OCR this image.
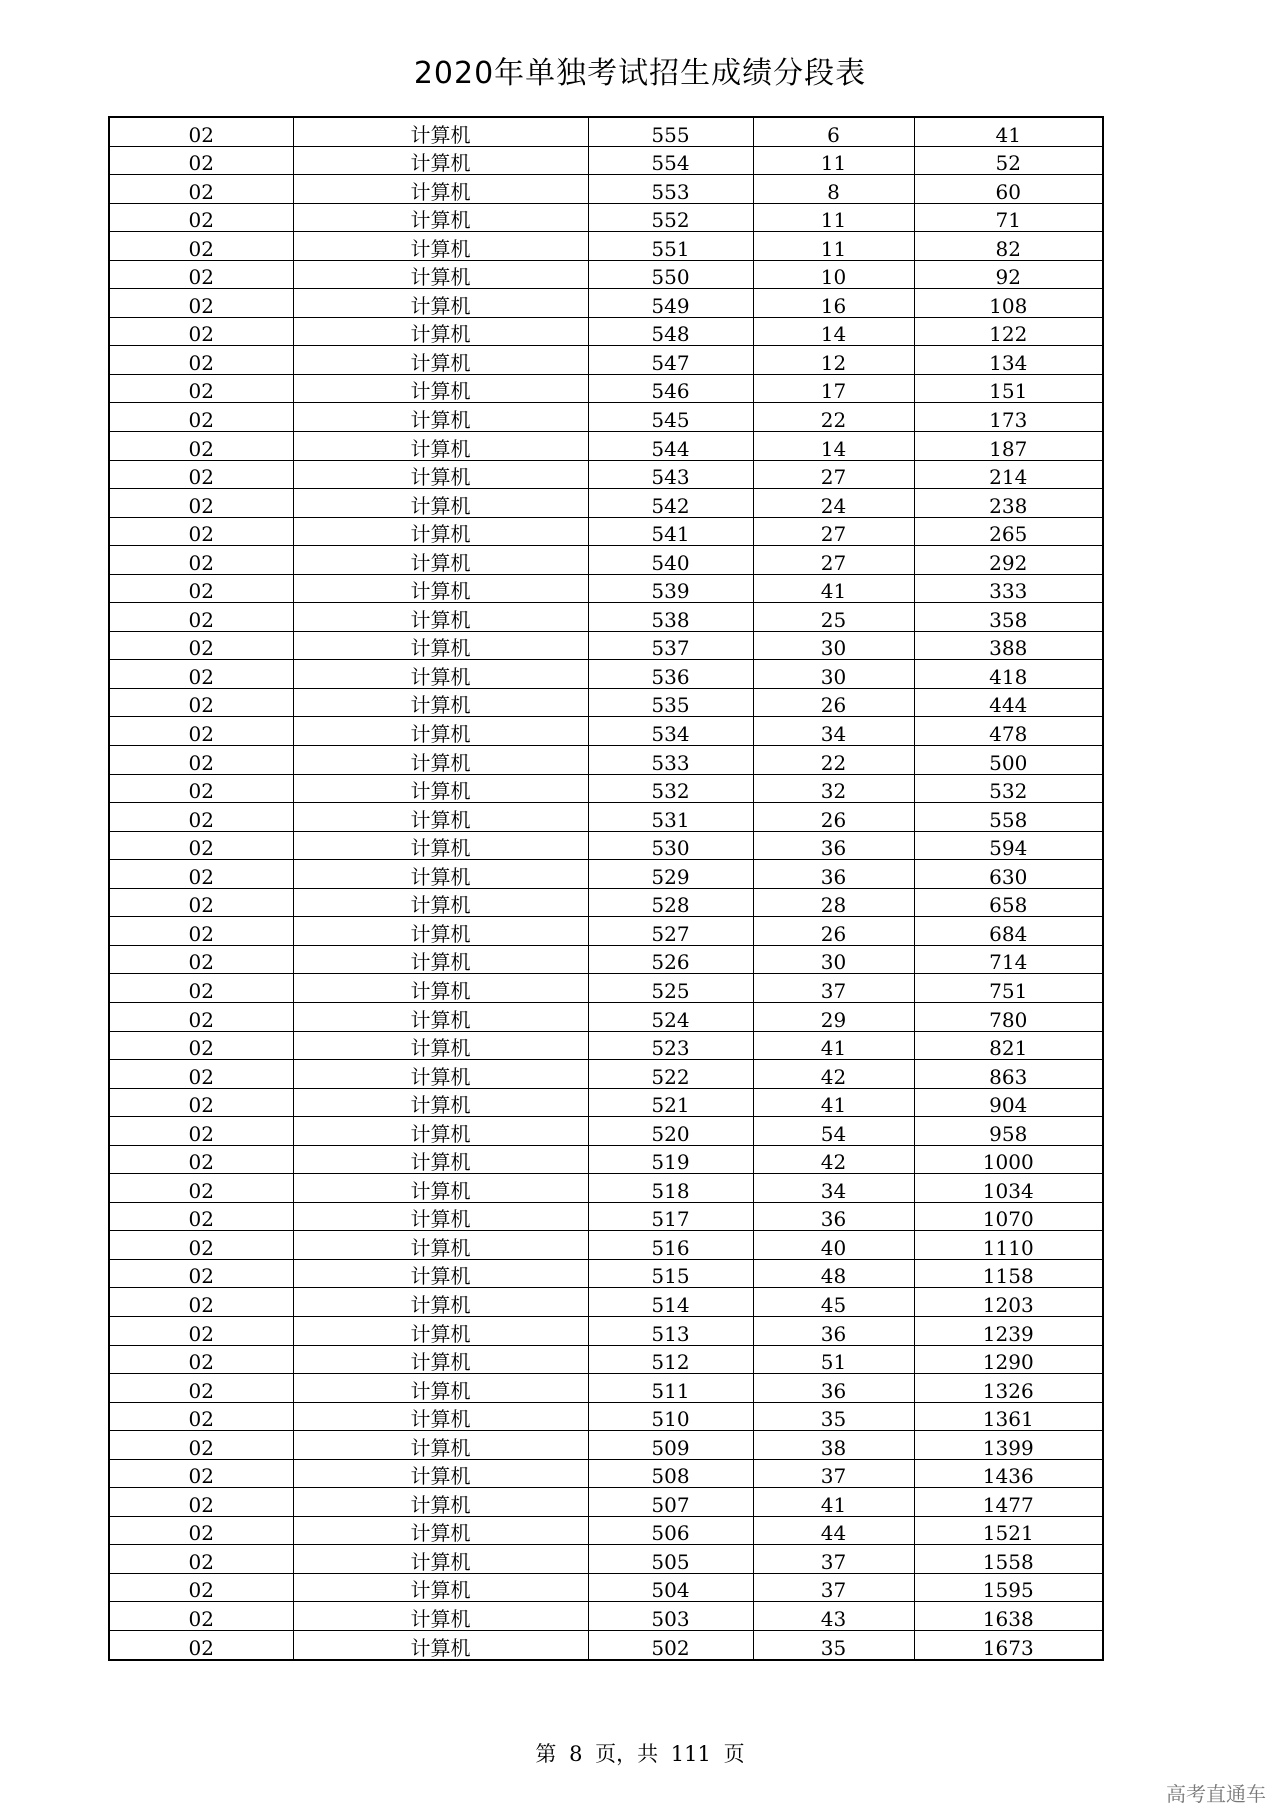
2020年单独考试招生成绩分段表
02	计算机	555	6	41
02	计算机	554	11	52
02	计算机	553	8	60
02	计算机	552	11	71
02	计算机	551	11	82
02	计算机	550	10	92
02	计算机	549	16	108
02	计算机	548	14	122
02	计算机	547	12	134
02	计算机	546	17	151
02	计算机	545	22	173
02	计算机	544	14	187
02	计算机	543	27	214
02	计算机	542	24	238
02	计算机	541	27	265
02	计算机	540	27	292
02	计算机	539	41	333
02	计算机	538	25	358
02	计算机	537	30	388
02	计算机	536	30	418
02	计算机	535	26	444
02	计算机	534	34	478
02	计算机	533	22	500
02	计算机	532	32	532
02	计算机	531	26	558
02	计算机	530	36	594
02	计算机	529	36	630
02	计算机	528	28	658
02	计算机	527	26	684
02	计算机	526	30	714
02	计算机	525	37	751
02	计算机	524	29	780
02	计算机	523	41	821
02	计算机	522	42	863
02	计算机	521	41	904
02	计算机	520	54	958
02	计算机	519	42	1000
02	计算机	518	34	1034
02	计算机	517	36	1070
02	计算机	516	40	1110
02	计算机	515	48	1158
02	计算机	514	45	1203
02	计算机	513	36	1239
02	计算机	512	51	1290
02	计算机	511	36	1326
02	计算机	510	35	1361
02	计算机	509	38	1399
02	计算机	508	37	1436
02	计算机	507	41	1477
02	计算机	506	44	1521
02	计算机	505	37	1558
02	计算机	504	37	1595
02	计算机	503	43	1638
02	计算机	502	35	1673
第 8 页，共 111 页
高考直通车
